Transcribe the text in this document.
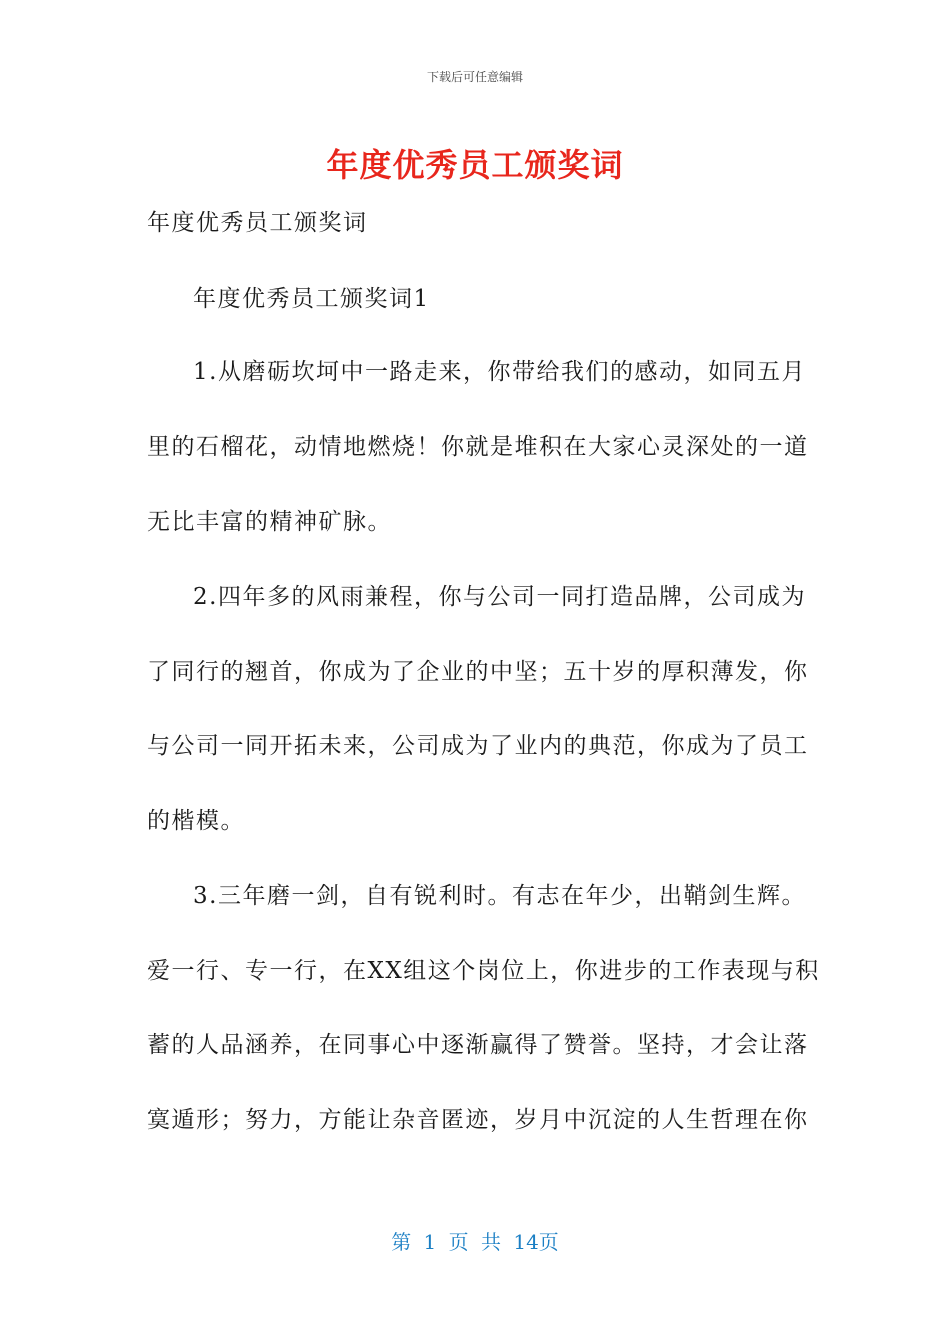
下载后可任意编辑
年度优秀员工颁奖词
年度优秀员工颁奖词
年度优秀员工颁奖词1
1.从磨砺坎坷中一路走来，你带给我们的感动，如同五月
里的石榴花，动情地燃烧！你就是堆积在大家心灵深处的一道
无比丰富的精神矿脉。
2.四年多的风雨兼程，你与公司一同打造品牌，公司成为
了同行的翘首，你成为了企业的中坚；五十岁的厚积薄发，你
与公司一同开拓未来，公司成为了业内的典范，你成为了员工
的楷模。
3.三年磨一剑，自有锐利时。有志在年少，出鞘剑生辉。
爱一行、专一行，在XX组这个岗位上，你进步的工作表现与积
蓄的人品涵养，在同事心中逐渐赢得了赞誉。坚持，才会让落
寞遁形；努力，方能让杂音匿迹，岁月中沉淀的人生哲理在你
第 1 页 共 14页
